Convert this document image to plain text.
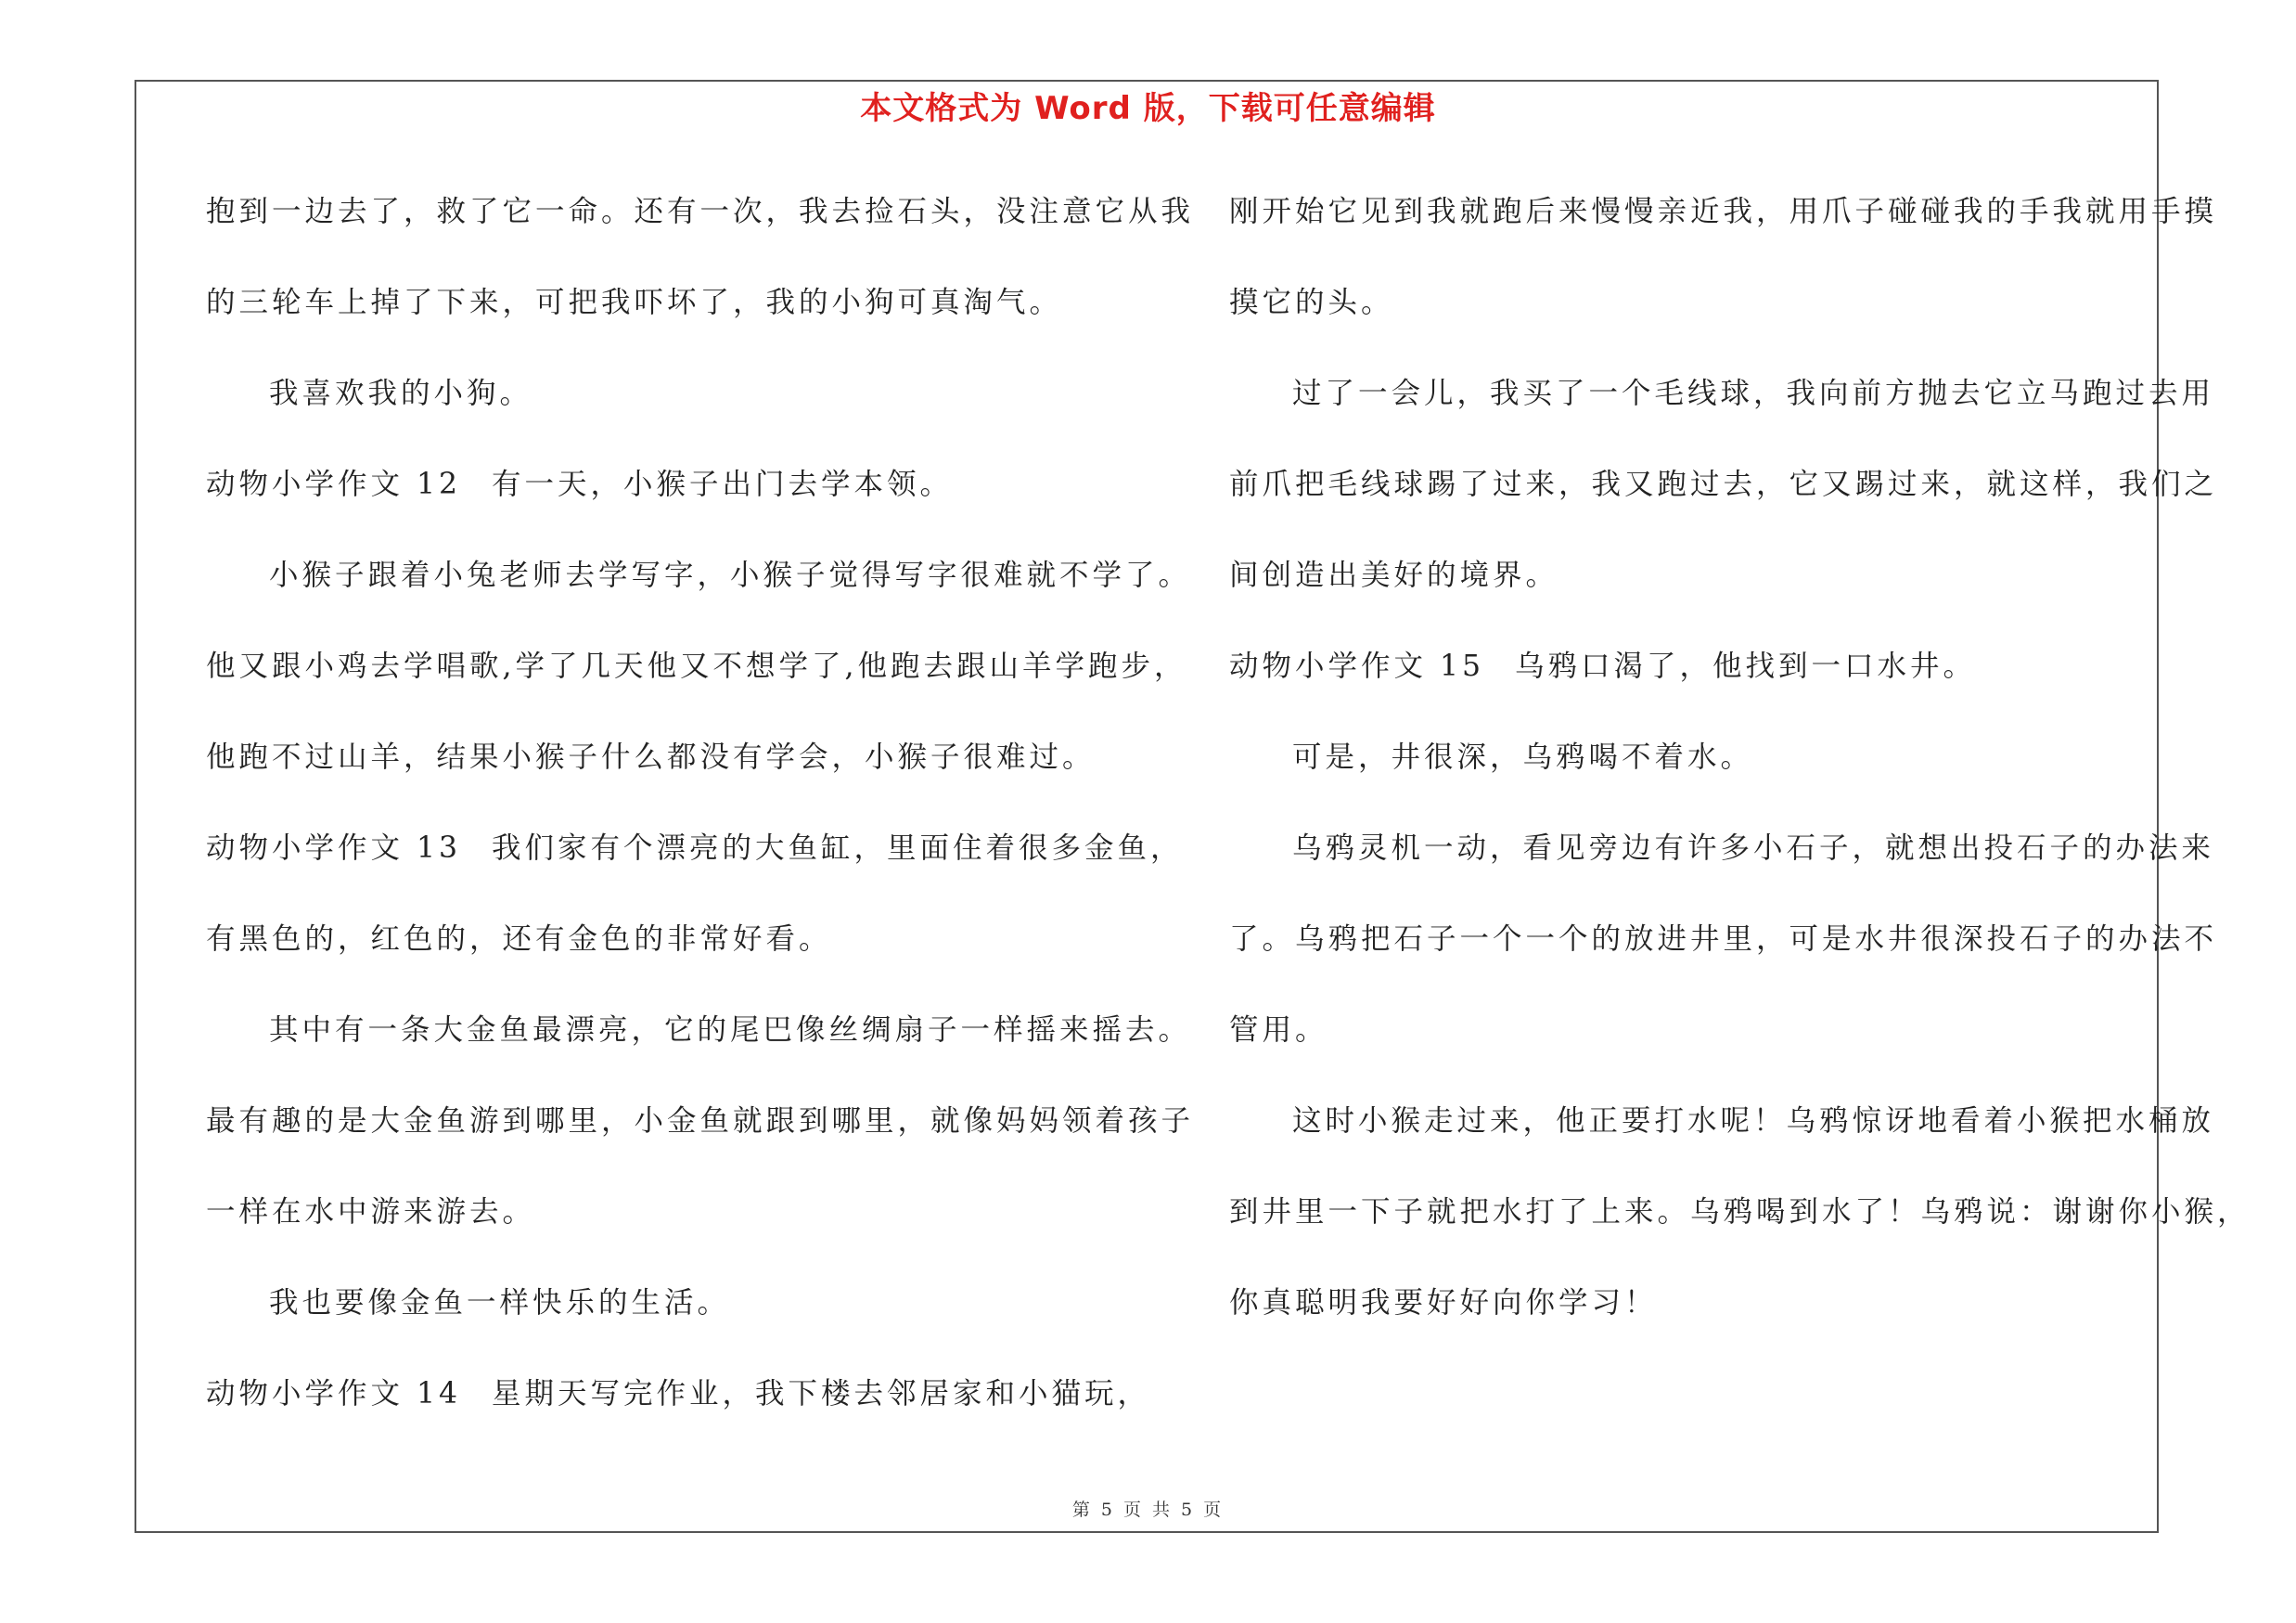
本文格式为 Word 版，下载可任意编辑
抱到一边去了，救了它一命。还有一次，我去捡石头，没注意它从我
的三轮车上掉了下来，可把我吓坏了，我的小狗可真淘气。
我喜欢我的小狗。
动物小学作文 12 有一天，小猴子出门去学本领。
小猴子跟着小兔老师去学写字，小猴子觉得写字很难就不学了。
他又跟小鸡去学唱歌,学了几天他又不想学了,他跑去跟山羊学跑步，
他跑不过山羊，结果小猴子什么都没有学会，小猴子很难过。
动物小学作文 13 我们家有个漂亮的大鱼缸，里面住着很多金鱼，
有黑色的，红色的，还有金色的非常好看。
其中有一条大金鱼最漂亮，它的尾巴像丝绸扇子一样摇来摇去。
最有趣的是大金鱼游到哪里，小金鱼就跟到哪里，就像妈妈领着孩子
一样在水中游来游去。
我也要像金鱼一样快乐的生活。
动物小学作文 14 星期天写完作业，我下楼去邻居家和小猫玩，
刚开始它见到我就跑后来慢慢亲近我，用爪子碰碰我的手我就用手摸
摸它的头。
过了一会儿，我买了一个毛线球，我向前方抛去它立马跑过去用
前爪把毛线球踢了过来，我又跑过去，它又踢过来，就这样，我们之
间创造出美好的境界。
动物小学作文 15 乌鸦口渴了，他找到一口水井。
可是，井很深，乌鸦喝不着水。
乌鸦灵机一动，看见旁边有许多小石子，就想出投石子的办法来
了。乌鸦把石子一个一个的放进井里，可是水井很深投石子的办法不
管用。
这时小猴走过来，他正要打水呢！乌鸦惊讶地看着小猴把水桶放
到井里一下子就把水打了上来。乌鸦喝到水了！乌鸦说：谢谢你小猴，
你真聪明我要好好向你学习！
第 5 页 共 5 页
